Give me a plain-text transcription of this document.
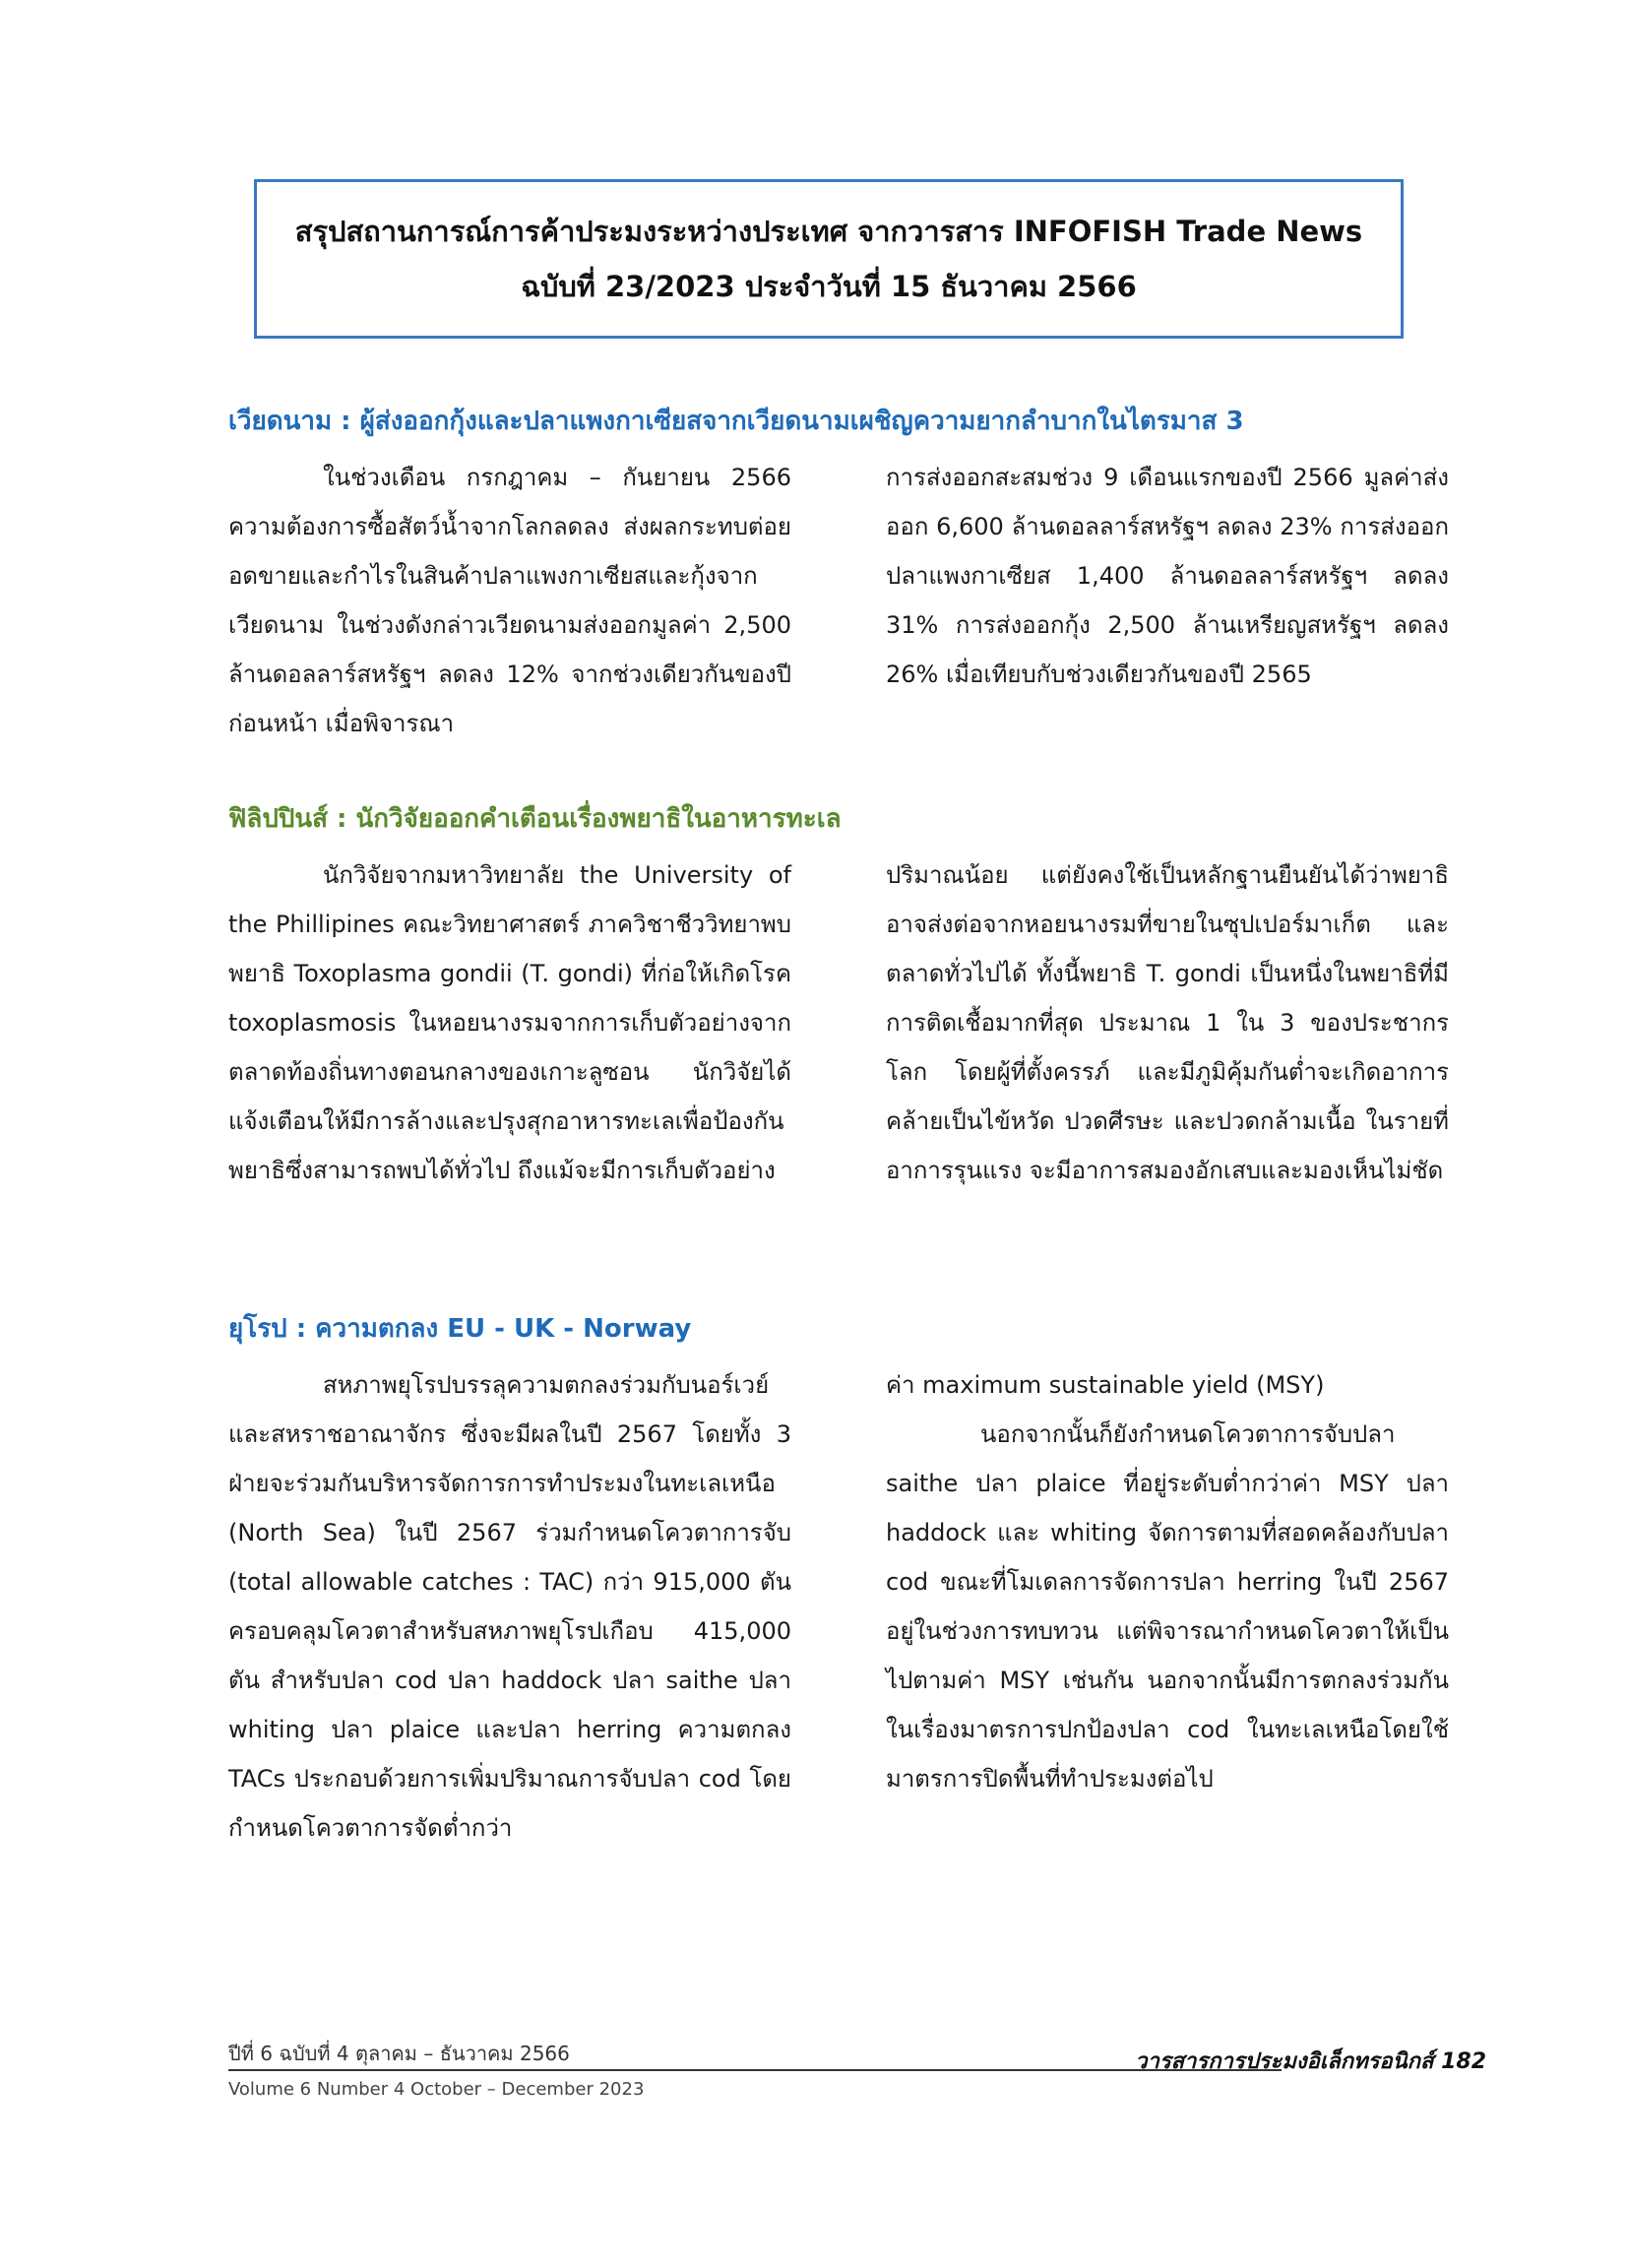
สรุปสถานการณ์การค้าประมงระหว่างประเทศ จากวารสาร INFOFISH Trade News
ฉบับที่ 23/2023 ประจำวันที่ 15 ธันวาคม 2566
เวียดนาม : ผู้ส่งออกกุ้งและปลาแพงกาเซียสจากเวียดนามเผชิญความยากลำบากในไตรมาส 3

ในช่วงเดือน กรกฎาคม – กันยายน 2566 ความต้องการซื้อสัตว์น้ำจากโลกลดลง ส่งผลกระทบต่อยอดขายและกำไรในสินค้าปลาแพงกาเซียสและกุ้งจากเวียดนาม ในช่วงดังกล่าวเวียดนามส่งออกมูลค่า 2,500 ล้านดอลลาร์สหรัฐฯ ลดลง 12% จากช่วงเดียวกันของปีก่อนหน้า เมื่อพิจารณา

การส่งออกสะสมช่วง 9 เดือนแรกของปี 2566 มูลค่าส่งออก 6,600 ล้านดอลลาร์สหรัฐฯ ลดลง 23% การส่งออกปลาแพงกาเซียส 1,400 ล้านดอลลาร์สหรัฐฯ ลดลง 31% การส่งออกกุ้ง 2,500 ล้านเหรียญสหรัฐฯ ลดลง 26% เมื่อเทียบกับช่วงเดียวกันของปี 2565

ฟิลิปปินส์ : นักวิจัยออกคำเตือนเรื่องพยาธิในอาหารทะเล

นักวิจัยจากมหาวิทยาลัย the University of the Phillipines คณะวิทยาศาสตร์ ภาควิชาชีววิทยาพบพยาธิ Toxoplasma gondii (T. gondi) ที่ก่อให้เกิดโรค toxoplasmosis ในหอยนางรมจากการเก็บตัวอย่างจากตลาดท้องถิ่นทางตอนกลางของเกาะลูซอน นักวิจัยได้แจ้งเตือนให้มีการล้างและปรุงสุกอาหารทะเลเพื่อป้องกันพยาธิซึ่งสามารถพบได้ทั่วไป ถึงแม้จะมีการเก็บตัวอย่าง

ปริมาณน้อย แต่ยังคงใช้เป็นหลักฐานยืนยันได้ว่าพยาธิอาจส่งต่อจากหอยนางรมที่ขายในซุปเปอร์มาเก็ต และตลาดทั่วไปได้ ทั้งนี้พยาธิ T. gondi เป็นหนึ่งในพยาธิที่มีการติดเชื้อมากที่สุด ประมาณ 1 ใน 3 ของประชากรโลก โดยผู้ที่ตั้งครรภ์ และมีภูมิคุ้มกันต่ำจะเกิดอาการคล้ายเป็นไข้หวัด ปวดศีรษะ และปวดกล้ามเนื้อ ในรายที่อาการรุนแรง จะมีอาการสมองอักเสบและมองเห็นไม่ชัด

ยุโรป : ความตกลง EU - UK - Norway

สหภาพยุโรปบรรลุความตกลงร่วมกับนอร์เวย์และสหราชอาณาจักร ซึ่งจะมีผลในปี 2567 โดยทั้ง 3 ฝ่ายจะร่วมกันบริหารจัดการการทำประมงในทะเลเหนือ (North Sea) ในปี 2567 ร่วมกำหนดโควตาการจับ (total allowable catches : TAC) กว่า 915,000 ตัน ครอบคลุมโควตาสำหรับสหภาพยุโรปเกือบ 415,000 ตัน สำหรับปลา cod ปลา haddock ปลา saithe ปลา whiting ปลา plaice และปลา herring ความตกลง TACs ประกอบด้วยการเพิ่มปริมาณการจับปลา cod โดยกำหนดโควตาการจัดต่ำกว่า

ค่า maximum sustainable yield (MSY)

นอกจากนั้นก็ยังกำหนดโควตาการจับปลา saithe ปลา plaice ที่อยู่ระดับต่ำกว่าค่า MSY ปลา haddock และ whiting จัดการตามที่สอดคล้องกับปลา cod ขณะที่โมเดลการจัดการปลา herring ในปี 2567 อยู่ในช่วงการทบทวน แต่พิจารณากำหนดโควตาให้เป็นไปตามค่า MSY เช่นกัน นอกจากนั้นมีการตกลงร่วมกันในเรื่องมาตรการปกป้องปลา cod ในทะเลเหนือโดยใช้มาตรการปิดพื้นที่ทำประมงต่อไป

ปีที่ 6 ฉบับที่ 4 ตุลาคม – ธันวาคม 2566
Volume 6 Number 4 October – December 2023
วารสารการประมงอิเล็กทรอนิกส์ 182
